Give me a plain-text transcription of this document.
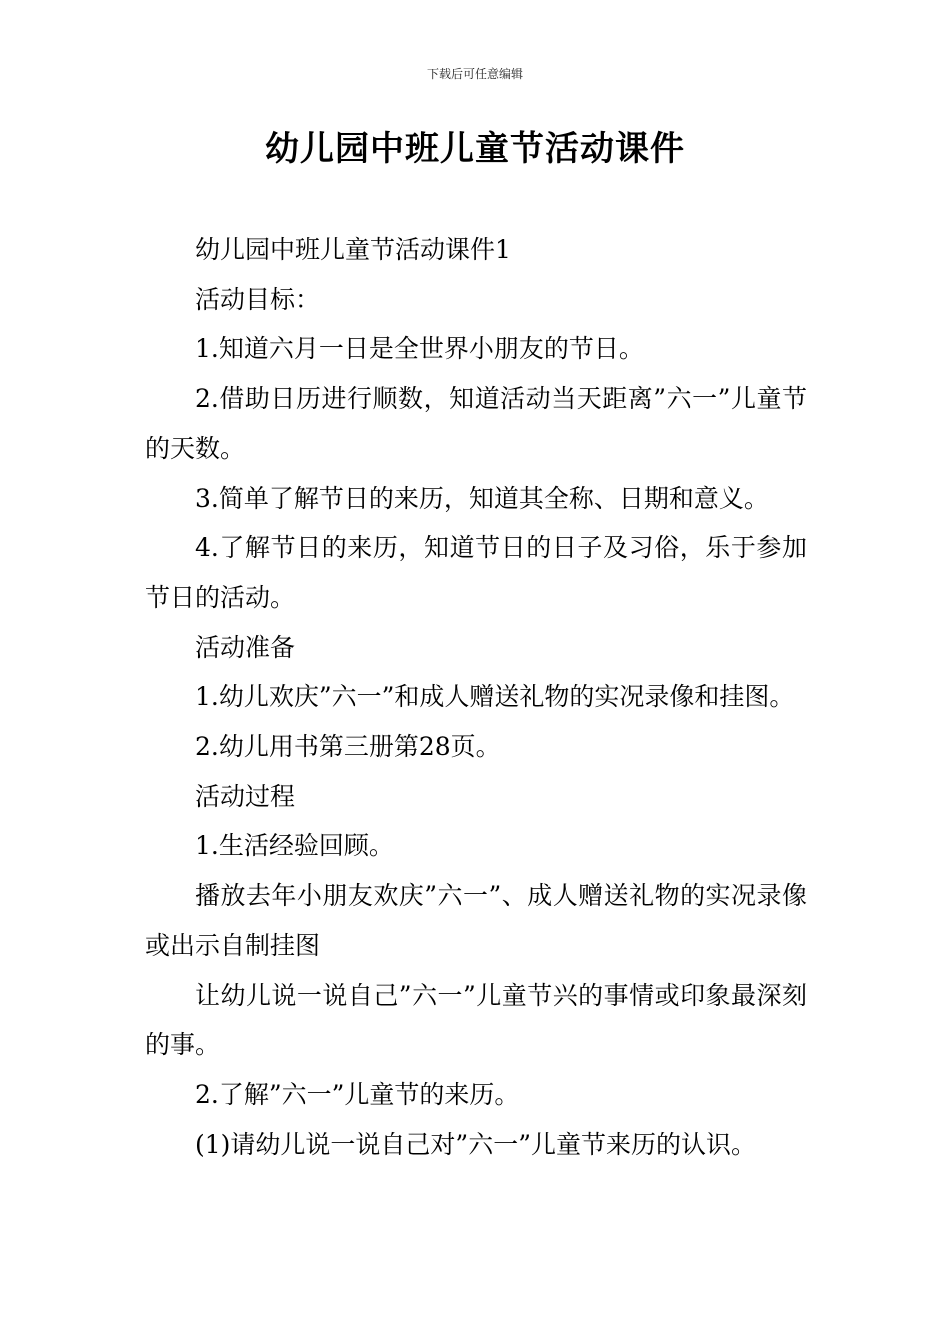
下载后可任意编辑
幼儿园中班儿童节活动课件

幼儿园中班儿童节活动课件1

活动目标：

1.知道六月一日是全世界小朋友的节日。

2.借助日历进行顺数，知道活动当天距离”六一”儿童节的天数。

3.简单了解节日的来历，知道其全称、日期和意义。

4.了解节日的来历，知道节日的日子及习俗，乐于参加节日的活动。

活动准备

1.幼儿欢庆”六一”和成人赠送礼物的实况录像和挂图。

2.幼儿用书第三册第28页。

活动过程

1.生活经验回顾。

播放去年小朋友欢庆”六一”、成人赠送礼物的实况录像或出示自制挂图

让幼儿说一说自己”六一”儿童节兴的事情或印象最深刻的事。

2.了解”六一”儿童节的来历。

(1)请幼儿说一说自己对”六一”儿童节来历的认识。
